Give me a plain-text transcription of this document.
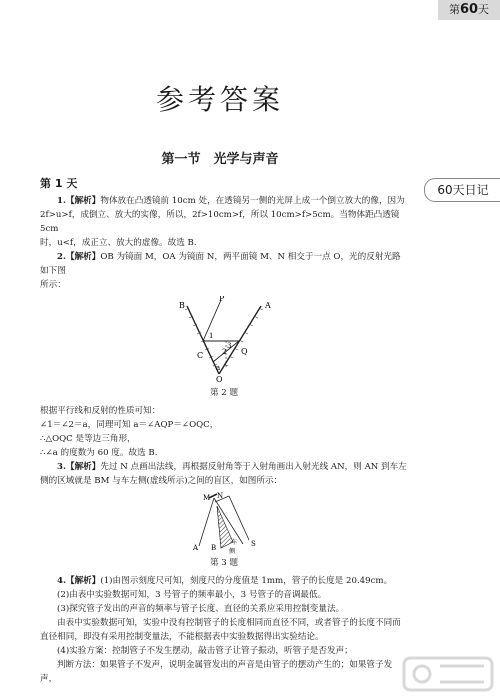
第60天
参考答案
第一节　光学与声音
第 1 天	60天日记

1.【解析】物体放在凸透镜前 10cm 处，在透镜另一侧的光屏上成一个倒立放大的像，因为

2f>u>f，成倒立、放大的实像，所以，2f>10cm>f，所以 10cm>f>5cm。当物体距凸透镜 5cm

时，u<f，成正立、放大的虚像。故选 B.

2.【解析】OB 为镜面 M，OA 为镜面 N，两平面镜 M、N 相交于一点 O，光的反射光路如下图

所示：

B
P
A
1
2
3
C	Q
a
O
第 2 题

根据平行线和反射的性质可知：

∠1＝∠2＝a，同理可知 a＝∠AQP＝∠OQC，

∴△OQC 是等边三角形，

∴∠a 的度数为 60 度。故选 B.

3.【解析】先过 N 点画出法线，再根据反射角等于入射角画出入射光线 AN，则 AN 到车左

侧的区域就是 BM 与车左侧(虚线所示)之间的盲区，如图所示：

M N
A B	S
车
侧
第 3 题

4.【解析】(1)由图示刻度尺可知，刻度尺的分度值是 1mm，管子的长度是 20.49cm。

(2)由表中实验数据可知，3 号管子的频率最小，3 号管子的音调最低。

(3)探究管子发出的声音的频率与管子长度、直径的关系应采用控制变量法。

由表中实验数据可知，实验中没有控制管子的长度相同而直径不同，或者管子的长度不同而

直径相同，即没有采用控制变量法，不能根据表中实验数据得出实验结论。

(4)实验方案：控制管子不发生摆动，敲击管子让管子振动，听管子是否发声；

判断方法：如果管子不发声，说明金属管发出的声音是由管子的摆动产生的；如果管子发声，
